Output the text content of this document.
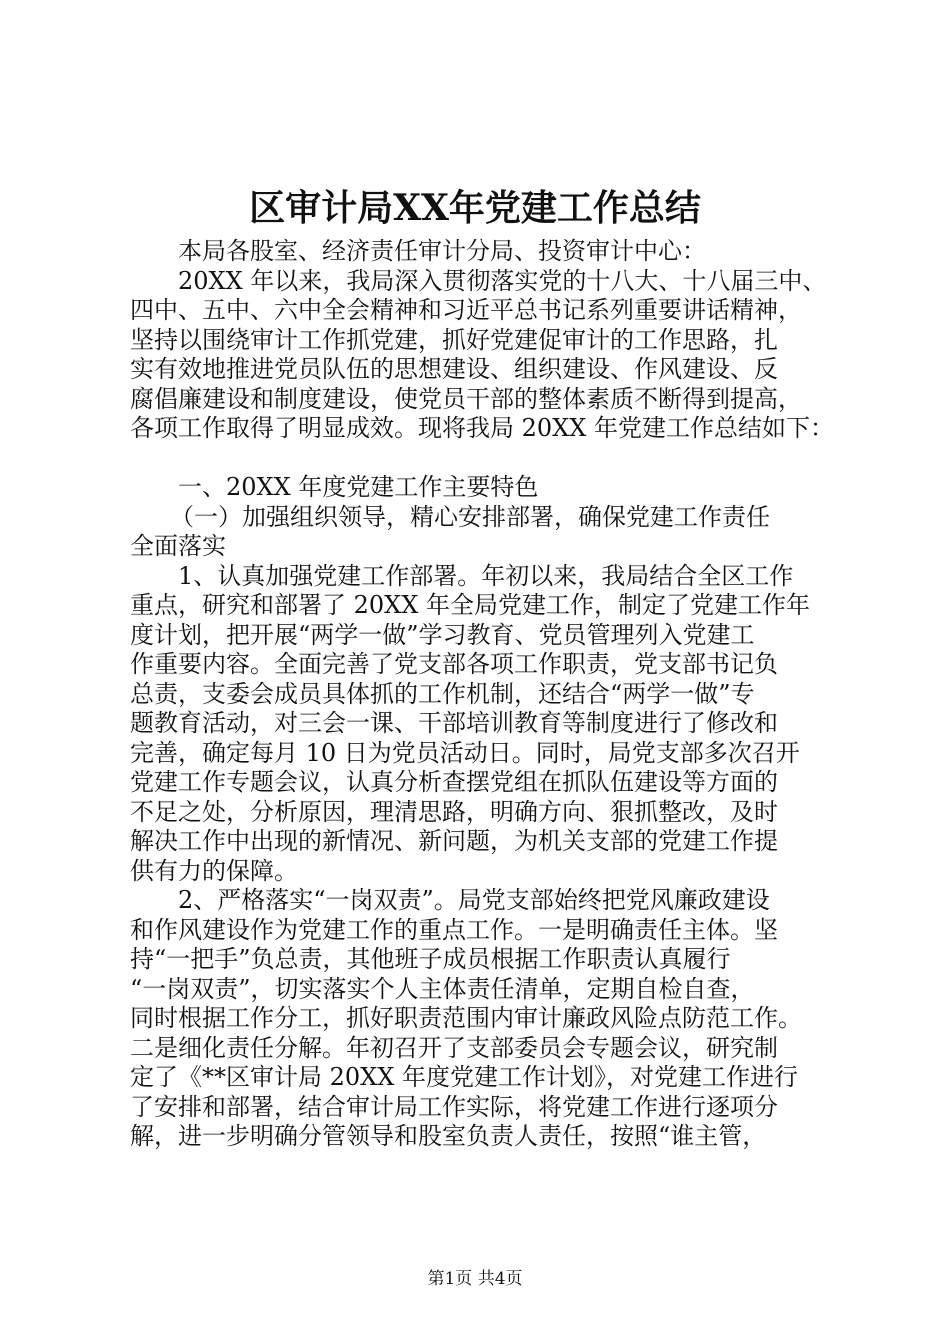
区审计局XX年党建工作总结
本局各股室、经济责任审计分局、投资审计中心：
20XX 年以来，我局深入贯彻落实党的十八大、十八届三中、
四中、五中、六中全会精神和习近平总书记系列重要讲话精神，
坚持以围绕审计工作抓党建，抓好党建促审计的工作思路，扎
实有效地推进党员队伍的思想建设、组织建设、作风建设、反
腐倡廉建设和制度建设，使党员干部的整体素质不断得到提高，
各项工作取得了明显成效。现将我局 20XX 年党建工作总结如下：
一、20XX 年度党建工作主要特色
（一）加强组织领导，精心安排部署，确保党建工作责任
全面落实
1、认真加强党建工作部署。年初以来，我局结合全区工作
重点，研究和部署了 20XX 年全局党建工作，制定了党建工作年
度计划，把开展“两学一做”学习教育、党员管理列入党建工
作重要内容。全面完善了党支部各项工作职责，党支部书记负
总责，支委会成员具体抓的工作机制，还结合“两学一做”专
题教育活动，对三会一课、干部培训教育等制度进行了修改和
完善，确定每月 10 日为党员活动日。同时，局党支部多次召开
党建工作专题会议，认真分析查摆党组在抓队伍建设等方面的
不足之处，分析原因，理清思路，明确方向、狠抓整改，及时
解决工作中出现的新情况、新问题，为机关支部的党建工作提
供有力的保障。
2、严格落实“一岗双责”。局党支部始终把党风廉政建设
和作风建设作为党建工作的重点工作。一是明确责任主体。坚
持“一把手”负总责，其他班子成员根据工作职责认真履行
“一岗双责”，切实落实个人主体责任清单，定期自检自查，
同时根据工作分工，抓好职责范围内审计廉政风险点防范工作。
二是细化责任分解。年初召开了支部委员会专题会议，研究制
定了《**区审计局 20XX 年度党建工作计划》，对党建工作进行
了安排和部署，结合审计局工作实际，将党建工作进行逐项分
解，进一步明确分管领导和股室负责人责任，按照“谁主管，
第1页 共4页
